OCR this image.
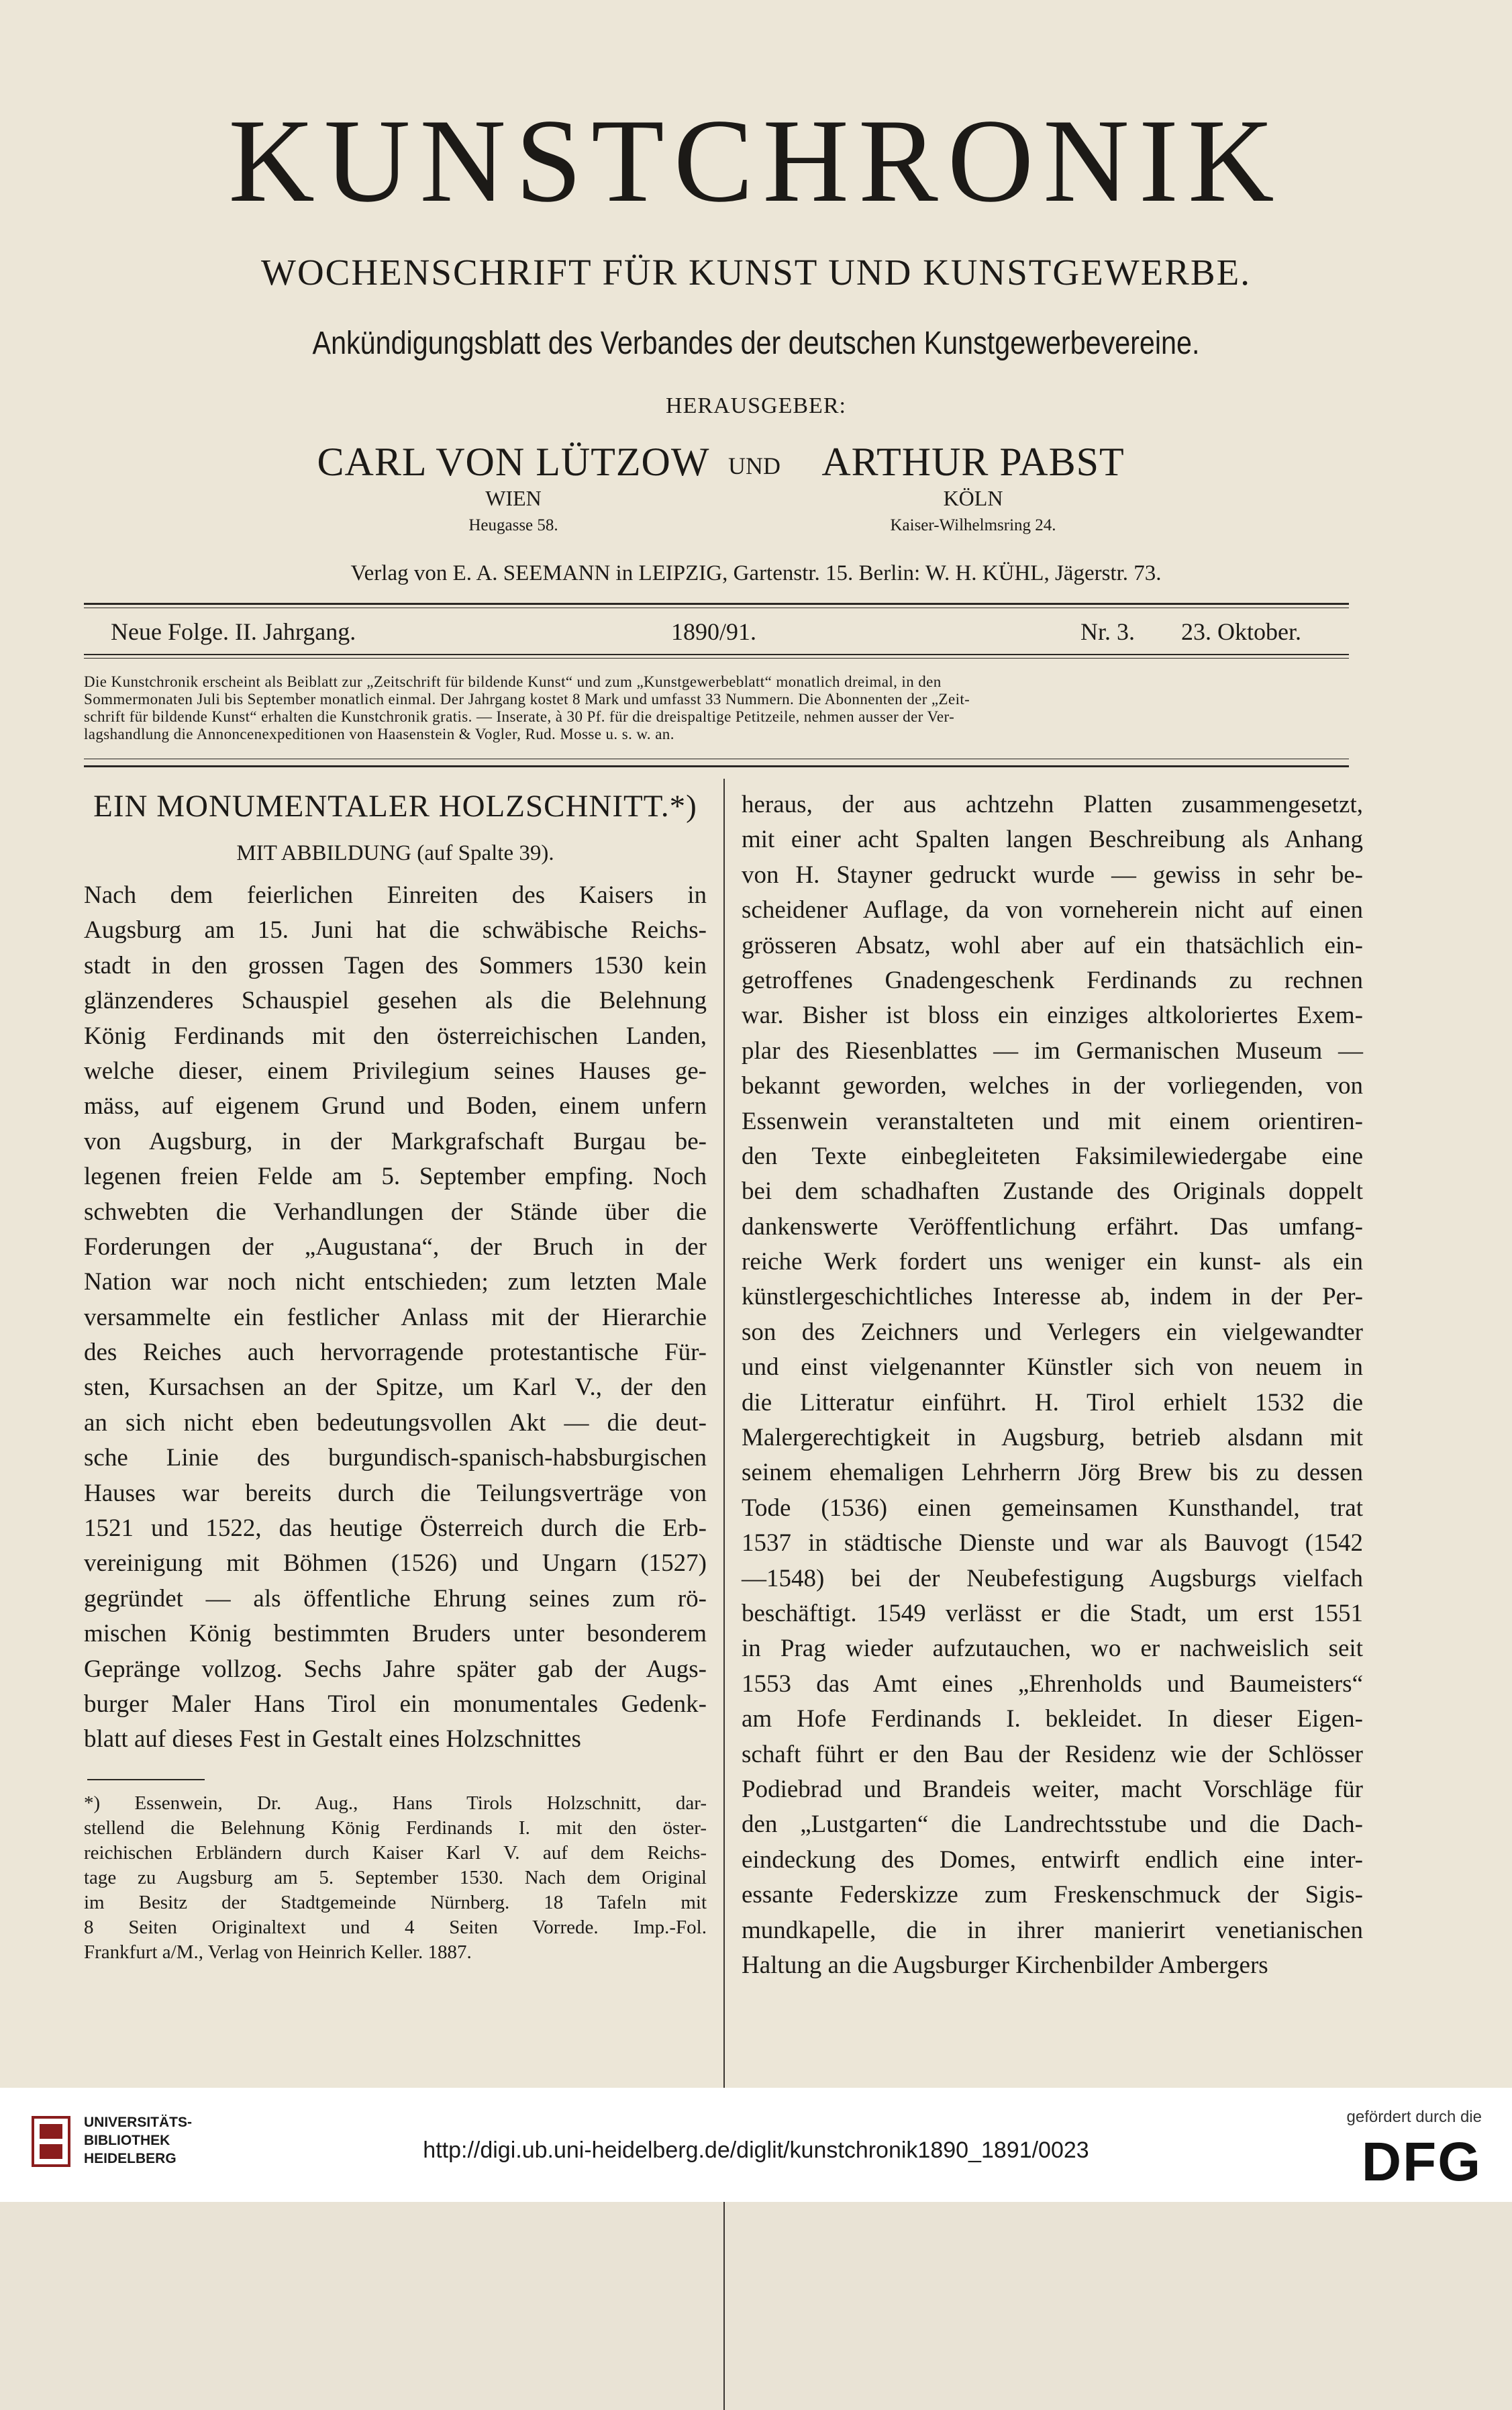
KUNSTCHRONIK
WOCHENSCHRIFT FÜR KUNST UND KUNSTGEWERBE.
Ankündigungsblatt des Verbandes der deutschen Kunstgewerbevereine.
HERAUSGEBER:
CARL VON LÜTZOW
WIEN
Heugasse 58.
UND	ARTHUR PABST
KÖLN
Kaiser-Wilhelmsring 24.
Verlag von E. A. SEEMANN in LEIPZIG, Gartenstr. 15. Berlin: W. H. KÜHL, Jägerstr. 73.
Neue Folge. II. Jahrgang.	1890/91.	Nr. 3. 23. Oktober.
Die Kunstchronik erscheint als Beiblatt zur „Zeitschrift für bildende Kunst“ und zum „Kunstgewerbeblatt“ monatlich dreimal, in den
Sommermonaten Juli bis September monatlich einmal. Der Jahrgang kostet 8 Mark und umfasst 33 Nummern. Die Abonnenten der „Zeit-
schrift für bildende Kunst“ erhalten die Kunstchronik gratis. — Inserate, à 30 Pf. für die dreispaltige Petitzeile, nehmen ausser der Ver-
lagshandlung die Annoncenexpeditionen von Haasenstein & Vogler, Rud. Mosse u. s. w. an.
EIN MONUMENTALER HOLZSCHNITT.*)
MIT ABBILDUNG (auf Spalte 39).
Nach dem feierlichen Einreiten des Kaisers in
Augsburg am 15. Juni hat die schwäbische Reichs-
stadt in den grossen Tagen des Sommers 1530 kein
glänzenderes Schauspiel gesehen als die Belehnung
König Ferdinands mit den österreichischen Landen,
welche dieser, einem Privilegium seines Hauses ge-
mäss, auf eigenem Grund und Boden, einem unfern
von Augsburg, in der Markgrafschaft Burgau be-
legenen freien Felde am 5. September empfing. Noch
schwebten die Verhandlungen der Stände über die
Forderungen der „Augustana“, der Bruch in der
Nation war noch nicht entschieden; zum letzten Male
versammelte ein festlicher Anlass mit der Hierarchie
des Reiches auch hervorragende protestantische Für-
sten, Kursachsen an der Spitze, um Karl V., der den
an sich nicht eben bedeutungsvollen Akt — die deut-
sche Linie des burgundisch-spanisch-habsburgischen
Hauses war bereits durch die Teilungsverträge von
1521 und 1522, das heutige Österreich durch die Erb-
vereinigung mit Böhmen (1526) und Ungarn (1527)
gegründet — als öffentliche Ehrung seines zum rö-
mischen König bestimmten Bruders unter besonderem
Gepränge vollzog. Sechs Jahre später gab der Augs-
burger Maler Hans Tirol ein monumentales Gedenk-
blatt auf dieses Fest in Gestalt eines Holzschnittes
*) Essenwein, Dr. Aug., Hans Tirols Holzschnitt, dar-
stellend die Belehnung König Ferdinands I. mit den öster-
reichischen Erbländern durch Kaiser Karl V. auf dem Reichs-
tage zu Augsburg am 5. September 1530. Nach dem Original
im Besitz der Stadtgemeinde Nürnberg. 18 Tafeln mit
8 Seiten Originaltext und 4 Seiten Vorrede. Imp.-Fol.
Frankfurt a/M., Verlag von Heinrich Keller. 1887.
heraus, der aus achtzehn Platten zusammengesetzt,
mit einer acht Spalten langen Beschreibung als Anhang
von H. Stayner gedruckt wurde — gewiss in sehr be-
scheidener Auflage, da von vorneherein nicht auf einen
grösseren Absatz, wohl aber auf ein thatsächlich ein-
getroffenes Gnadengeschenk Ferdinands zu rechnen
war. Bisher ist bloss ein einziges altkoloriertes Exem-
plar des Riesenblattes — im Germanischen Museum —
bekannt geworden, welches in der vorliegenden, von
Essenwein veranstalteten und mit einem orientiren-
den Texte einbegleiteten Faksimilewiedergabe eine
bei dem schadhaften Zustande des Originals doppelt
dankenswerte Veröffentlichung erfährt. Das umfang-
reiche Werk fordert uns weniger ein kunst- als ein
künstlergeschichtliches Interesse ab, indem in der Per-
son des Zeichners und Verlegers ein vielgewandter
und einst vielgenannter Künstler sich von neuem in
die Litteratur einführt. H. Tirol erhielt 1532 die
Malergerechtigkeit in Augsburg, betrieb alsdann mit
seinem ehemaligen Lehrherrn Jörg Brew bis zu dessen
Tode (1536) einen gemeinsamen Kunsthandel, trat
1537 in städtische Dienste und war als Bauvogt (1542
—1548) bei der Neubefestigung Augsburgs vielfach
beschäftigt. 1549 verlässt er die Stadt, um erst 1551
in Prag wieder aufzutauchen, wo er nachweislich seit
1553 das Amt eines „Ehrenholds und Baumeisters“
am Hofe Ferdinands I. bekleidet. In dieser Eigen-
schaft führt er den Bau der Residenz wie der Schlösser
Podiebrad und Brandeis weiter, macht Vorschläge für
den „Lustgarten“ die Landrechtsstube und die Dach-
eindeckung des Domes, entwirft endlich eine inter-
essante Federskizze zum Freskenschmuck der Sigis-
mundkapelle, die in ihrer manierirt venetianischen
Haltung an die Augsburger Kirchenbilder Ambergers
UNIVERSITÄTS-
BIBLIOTHEK
HEIDELBERG	http://digi.ub.uni-heidelberg.de/diglit/kunstchronik1890_1891/0023
gefördert durch die
DFG
